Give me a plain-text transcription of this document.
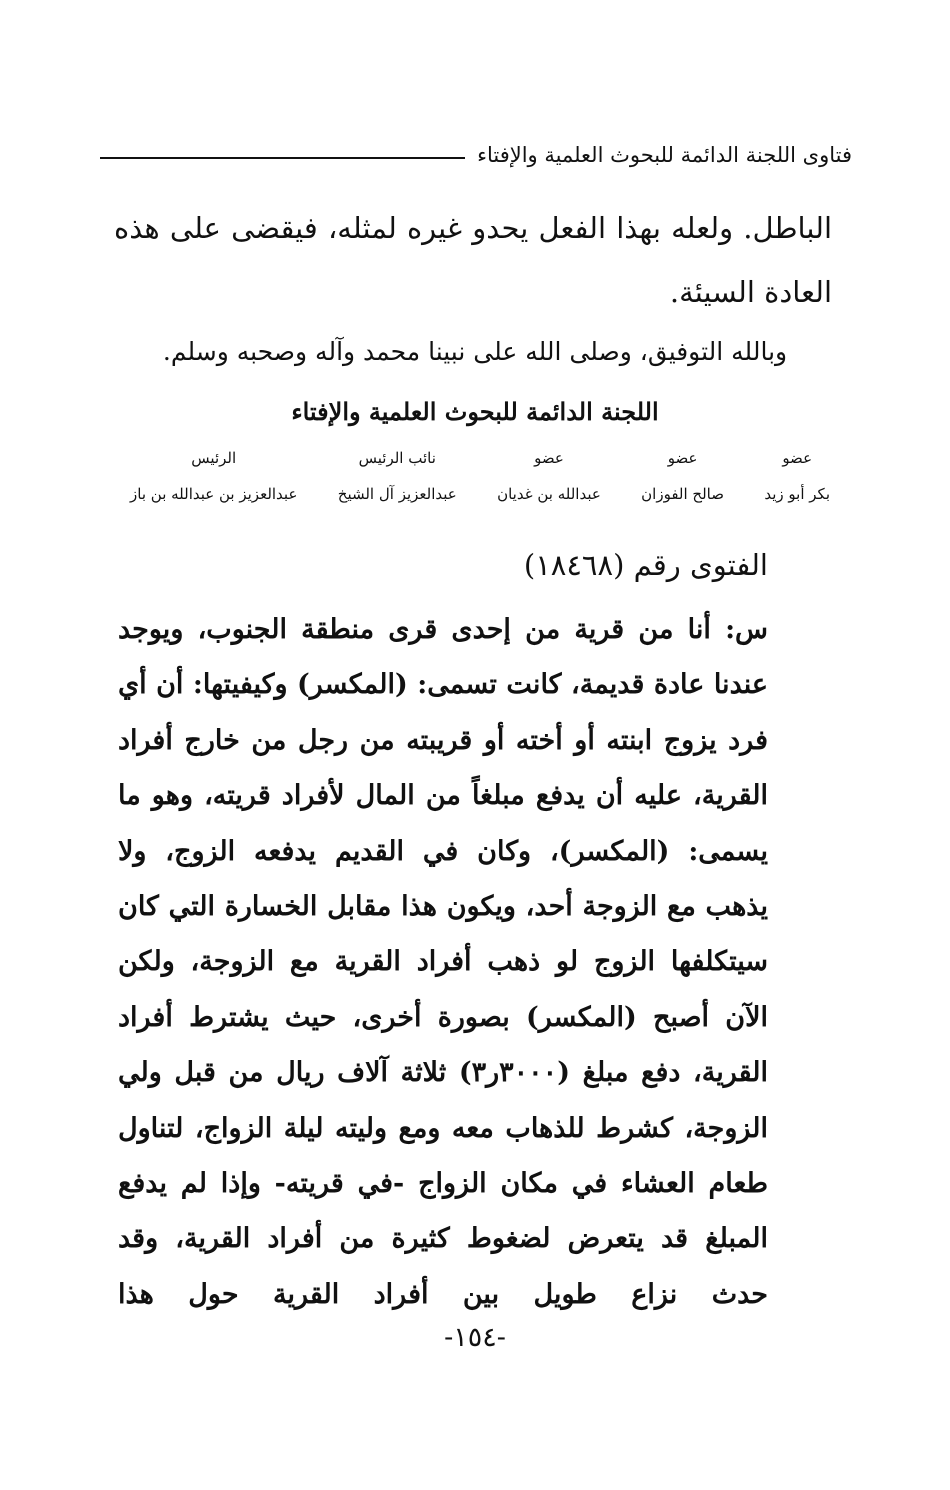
فتاوى اللجنة الدائمة للبحوث العلمية والإفتاء
الباطل. ولعله بهذا الفعل يحدو غيره لمثله، فيقضى على هذه العادة السيئة.
وبالله التوفيق، وصلى الله على نبينا محمد وآله وصحبه وسلم.
اللجنة الدائمة للبحوث العلمية والإفتاء
عضو
بكر أبو زيد
عضو
صالح الفوزان
عضو
عبدالله بن غديان
نائب الرئيس
عبدالعزيز آل الشيخ
الرئيس
عبدالعزيز بن عبدالله بن باز
الفتوى رقم (١٨٤٦٨)
س: أنا من قرية من إحدى قرى منطقة الجنوب، ويوجد عندنا عادة قديمة، كانت تسمى: (المكسر) وكيفيتها: أن أي فرد يزوج ابنته أو أخته أو قريبته من رجل من خارج أفراد القرية، عليه أن يدفع مبلغاً من المال لأفراد قريته، وهو ما يسمى: (المكسر)، وكان في القديم يدفعه الزوج، ولا يذهب مع الزوجة أحد، ويكون هذا مقابل الخسارة التي كان سيتكلفها الزوج لو ذهب أفراد القرية مع الزوجة، ولكن الآن أصبح (المكسر) بصورة أخرى، حيث يشترط أفراد القرية، دفع مبلغ (٣٠٠٠ر٣) ثلاثة آلاف ريال من قبل ولي الزوجة، كشرط للذهاب معه ومع وليته ليلة الزواج، لتناول طعام العشاء في مكان الزواج -في قريته- وإذا لم يدفع المبلغ قد يتعرض لضغوط كثيرة من أفراد القرية، وقد حدث نزاع طويل بين أفراد القرية حول هذا
-١٥٤-
